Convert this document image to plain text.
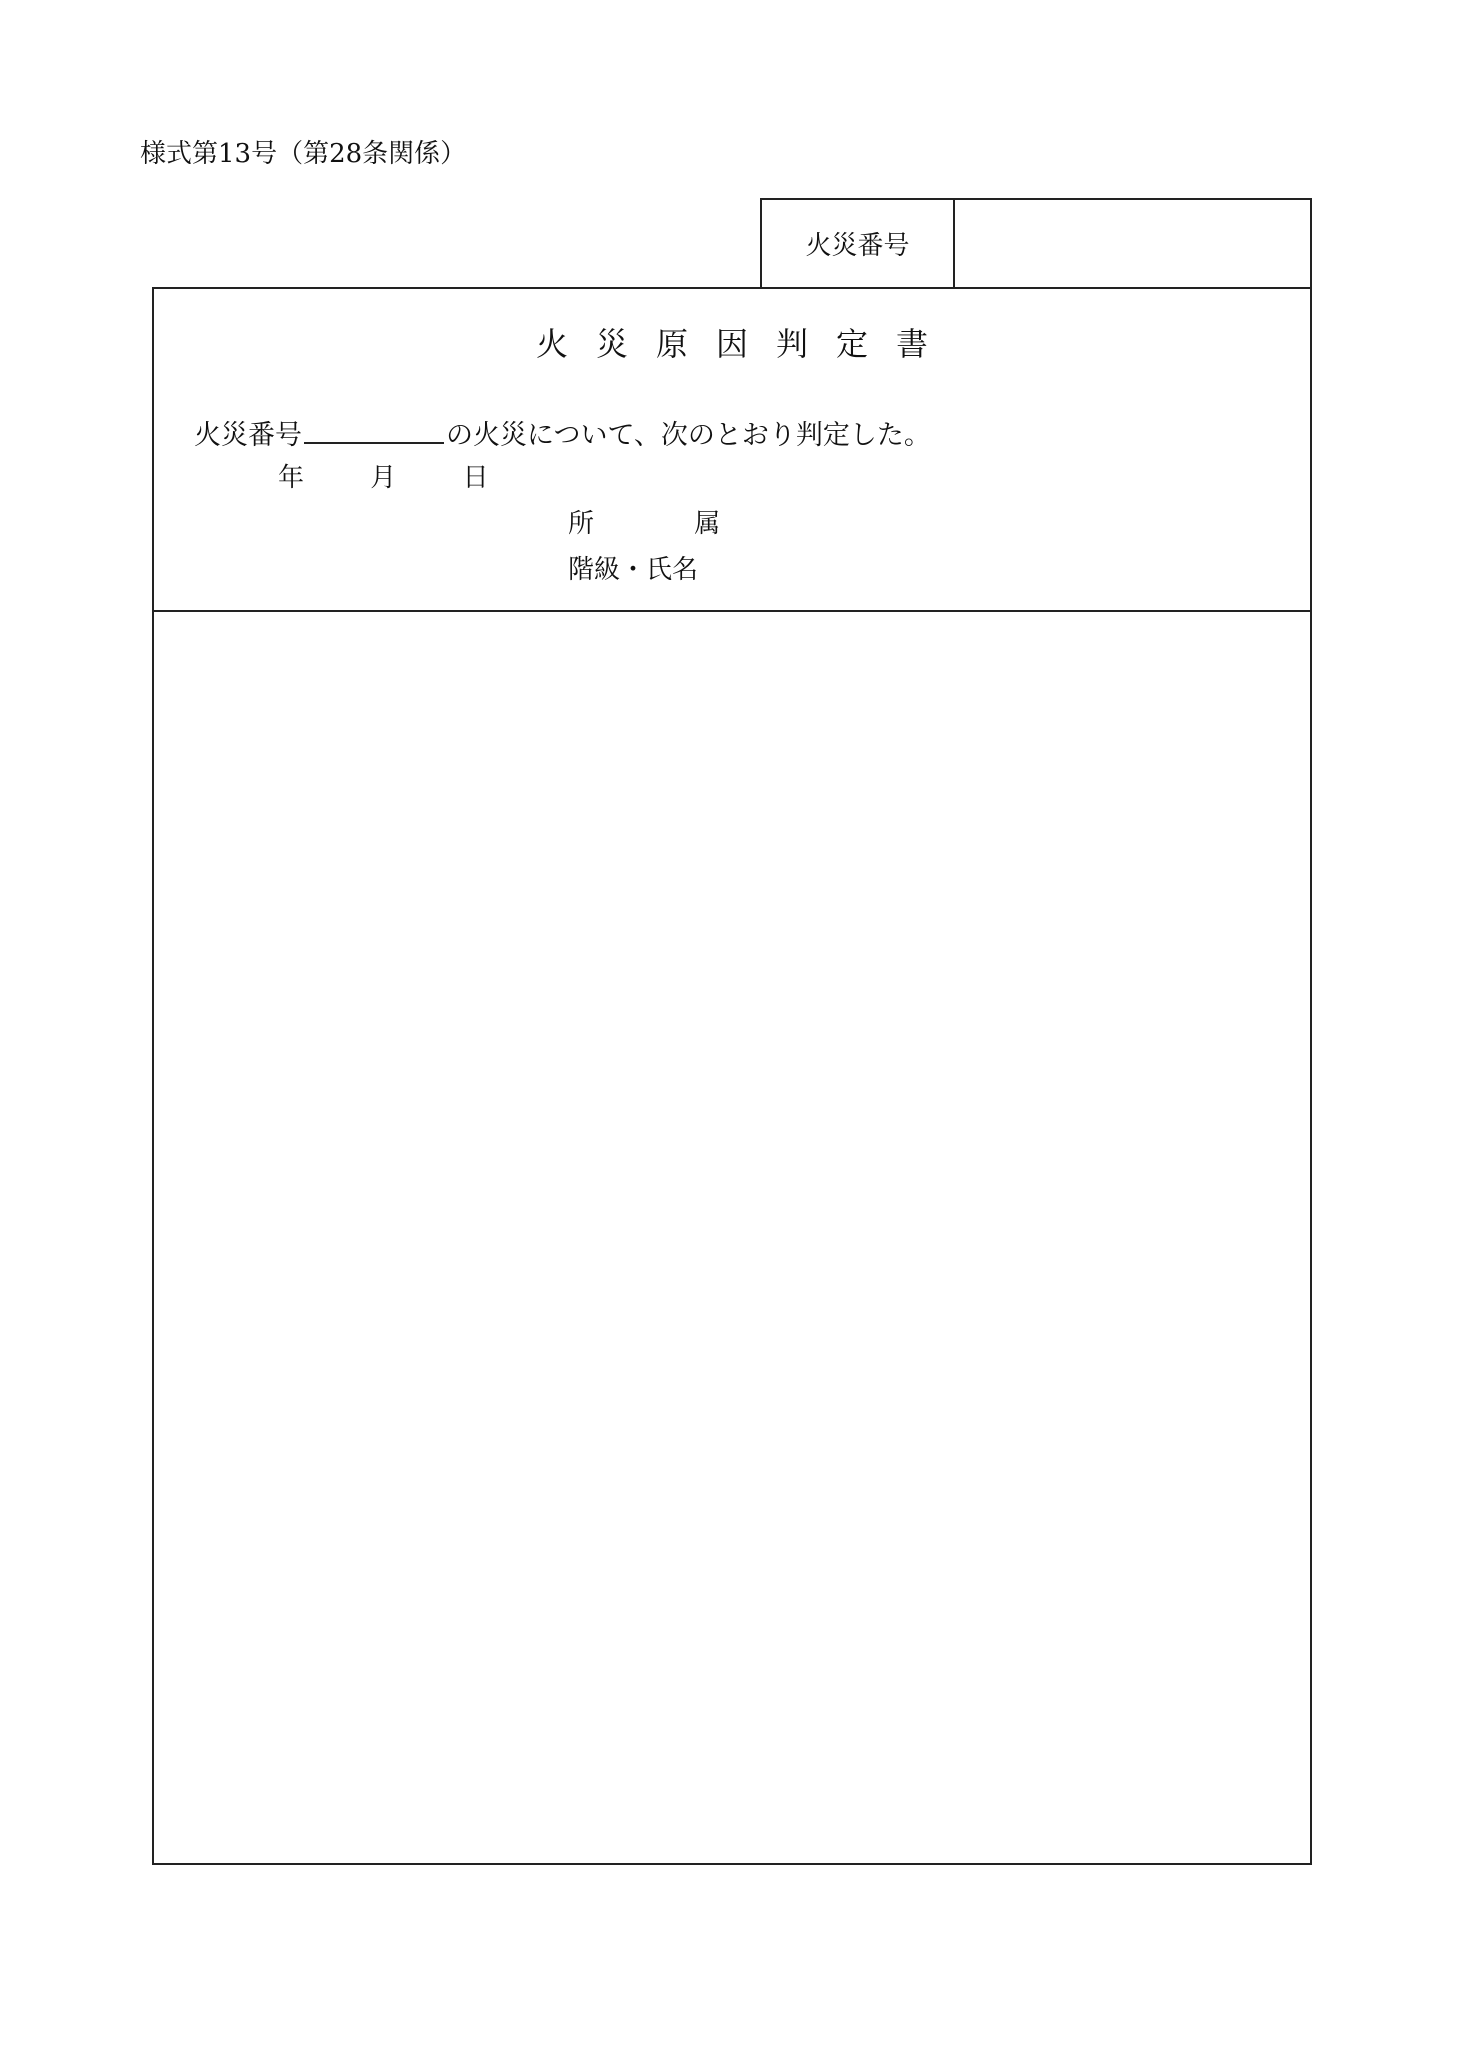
様式第13号（第28条関係）
火災番号
火災原因判定書
火災番号	の火災について、次のとおり判定した。
年	月	日
所	属
階級・氏名
